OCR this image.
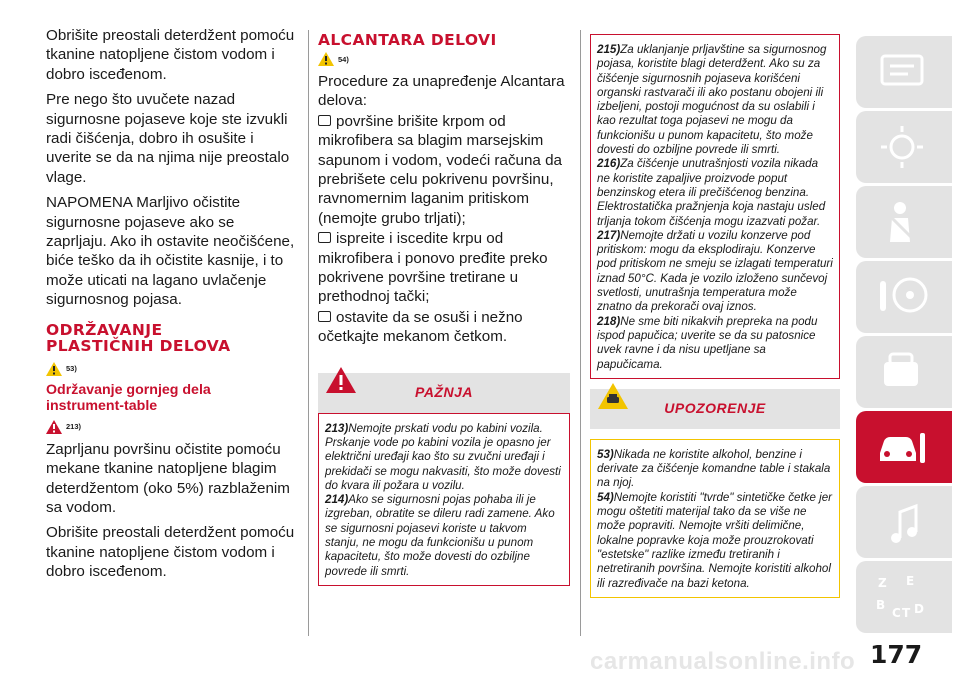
Obrišite preostali deterdžent pomoću tkanine natopljene čistom vodom i dobro isceđenom.

Pre nego što uvučete nazad sigurnosne pojaseve koje ste izvukli radi čišćenja, dobro ih osušite i uverite se da na njima nije preostalo vlage.

NAPOMENA Marljivo očistite sigurnosne pojaseve ako se zaprljaju. Ako ih ostavite neočišćene, biće teško da ih očistite kasnije, i to može uticati na lagano uvlačenje sigurnosnog pojasa.

ODRŽAVANJE
PLASTIČNIH DELOVA
53)
Održavanje gornjeg dela
instrument-table
213)

Zaprljanu površinu očistite pomoću mekane tkanine natopljene blagim deterdžentom (oko 5%) razblaženim sa vodom.

Obrišite preostali deterdžent pomoću tkanine natopljene čistom vodom i dobro isceđenom.

ALCANTARA DELOVI
54)

Procedure za unapređenje Alcantara delova:

površine brišite krpom od mikrofibera sa blagim marsejskim sapunom i vodom, vodeći računa da prebrišete celu pokrivenu površinu, ravnomernim laganim pritiskom (nemojte grubo trljati);

ispreite i iscedite krpu od mikrofibera i ponovo pređite preko pokrivene površine tretirane u prethodnoj tački;

ostavite da se osuši i nežno očetkajte mekanom četkom.

PAŽNJA

213)Nemojte prskati vodu po kabini vozila. Prskanje vode po kabini vozila je opasno jer električni uređaji kao što su zvučni uređaji i prekidači se mogu nakvasiti, što može dovesti do kvara ili požara u vozilu.

214)Ako se sigurnosni pojas pohaba ili je izgreban, obratite se dileru radi zamene. Ako se sigurnosni pojasevi koriste u takvom stanju, ne mogu da funkcionišu u punom kapacitetu, što može dovesti do ozbiljne povrede ili smrti.

215)Za uklanjanje prljavštine sa sigurnosnog pojasa, koristite blagi deterdžent. Ako su za čišćenje sigurnosnih pojaseva korišćeni organski rastvarači ili ako postanu obojeni ili izbeljeni, postoji mogućnost da su oslabili i kao rezultat toga pojasevi ne mogu da funkcionišu u punom kapacitetu, što može dovesti do ozbiljne povrede ili smrti.

216)Za čišćenje unutrašnjosti vozila nikada ne koristite zapaljive proizvode poput benzinskog etera ili prečišćenog benzina. Elektrostatička pražnjenja koja nastaju usled trljanja tokom čišćenja mogu izazvati požar.

217)Nemojte držati u vozilu konzerve pod pritiskom: mogu da eksplodiraju. Konzerve pod pritiskom ne smeju se izlagati temperaturi iznad 50°C. Kada je vozilo izloženo sunčevoj svetlosti, unutrašnja temperatura može znatno da prekorači ovaj iznos.

218)Ne sme biti nikakvih prepreka na podu ispod papučica; uverite se da su patosnice uvek ravne i da nisu upetljane sa papučicama.

UPOZORENJE

53)Nikada ne koristite alkohol, benzine i derivate za čišćenje komandne table i stakala na njoj.

54)Nemojte koristiti "tvrde" sintetičke četke jer mogu oštetiti materijal tako da se više ne može popraviti. Nemojte vršiti delimične, lokalne popravke koja može prouzrokovati "estetske" razlike između tretiranih i netretiranih površina. Nemojte koristiti alkohol ili razređivače na bazi ketona.	Z E
B
C T D
177
carmanualsonline.info
